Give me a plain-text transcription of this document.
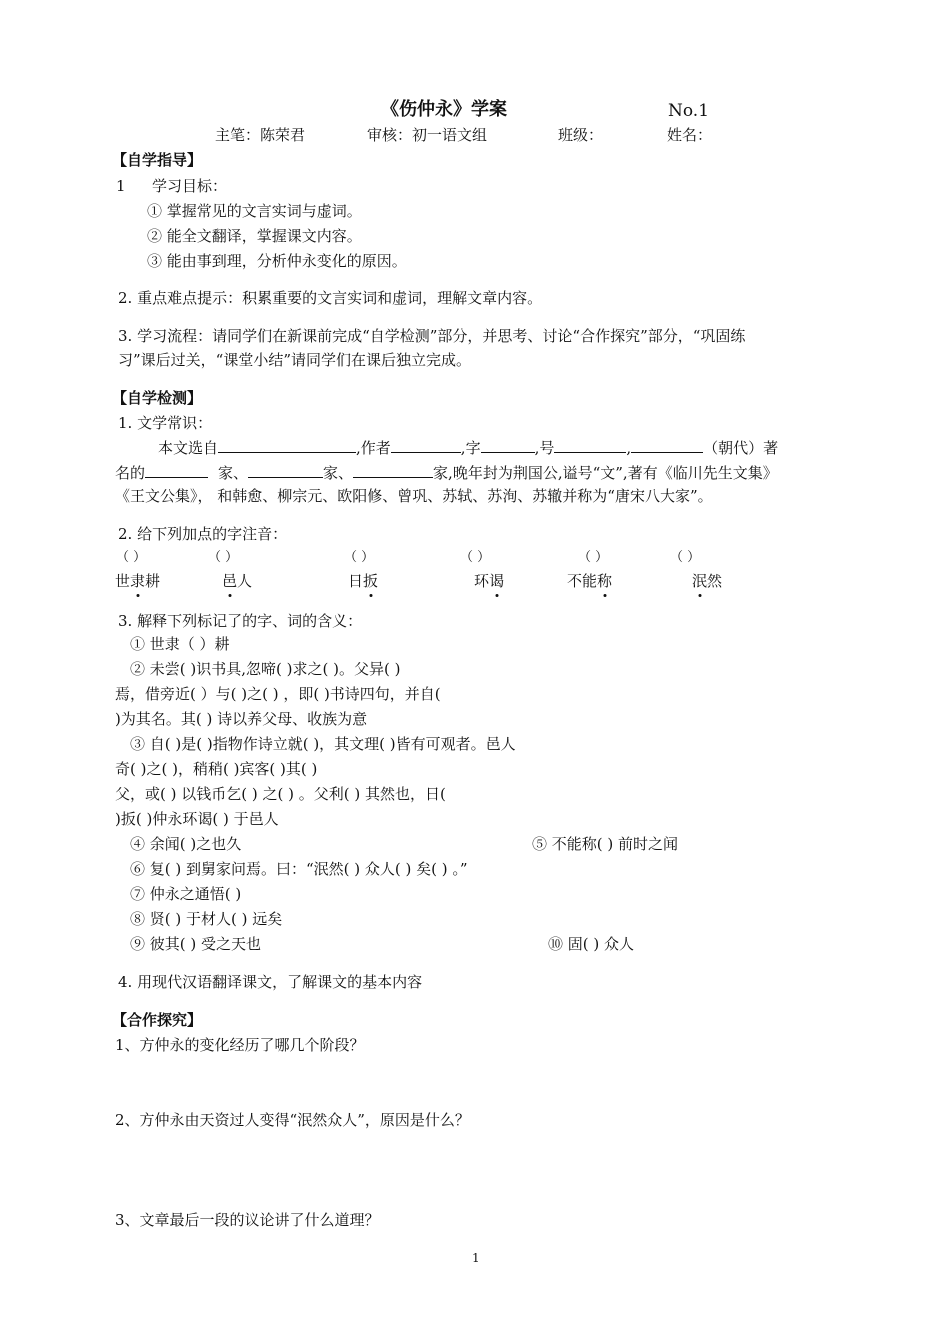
《伤仲永》学案	No.1
主笔：陈荣君	审核：初一语文组	班级：	姓名：
【自学指导】
1 学习目标：
① 掌握常见的文言实词与虚词。
② 能全文翻译，掌握课文内容。
③ 能由事到理，分析仲永变化的原因。
2. 重点难点提示：积累重要的文言实词和虚词，理解文章内容。
3. 学习流程：请同学们在新课前完成“自学检测”部分，并思考、讨论“合作探究”部分，“巩固练
习”课后过关，“课堂小结”请同学们在课后独立完成。
【自学检测】
1. 文学常识：
本文选自	,作者	,字	,号	,	（朝代）著
名的	家、	家、	家,晚年封为荆国公,谥号“文”,著有《临川先生文集》
《王文公集》， 和韩愈、柳宗元、欧阳修、曾巩、苏轼、苏洵、苏辙并称为“唐宋八大家”。
2. 给下列加点的字注音：
（ ）	（ ）	（ ）	（ ）	（ ）	（ ）
世隶耕	邑人	日扳	环谒	不能称	泯然
3. 解释下列标记了的字、词的含义：
① 世隶（ ）耕
② 未尝( )识书具,忽啼( )求之( )。父异( )
焉，借旁近( ）与( )之( ) ，即( )书诗四句，并自(
)为其名。其( ) 诗以养父母、收族为意
③ 自( )是( )指物作诗立就( )，其文理( )皆有可观者。邑人
奇( )之( )，稍稍( )宾客( )其( )
父，或( ) 以钱币乞( ) 之( ) 。父利( ) 其然也，日(
)扳( )仲永环谒( ) 于邑人
④ 余闻( )之也久	⑤ 不能称( ) 前时之闻
⑥ 复( ) 到舅家问焉。曰：“泯然( ) 众人( ) 矣( ) 。”
⑦ 仲永之通悟( )
⑧ 贤( ) 于材人( ) 远矣
⑨ 彼其( ) 受之天也	⑩ 固( ) 众人
4. 用现代汉语翻译课文，了解课文的基本内容
【合作探究】
1、方仲永的变化经历了哪几个阶段？
2、方仲永由天资过人变得“泯然众人”，原因是什么？
3、文章最后一段的议论讲了什么道理？
1
